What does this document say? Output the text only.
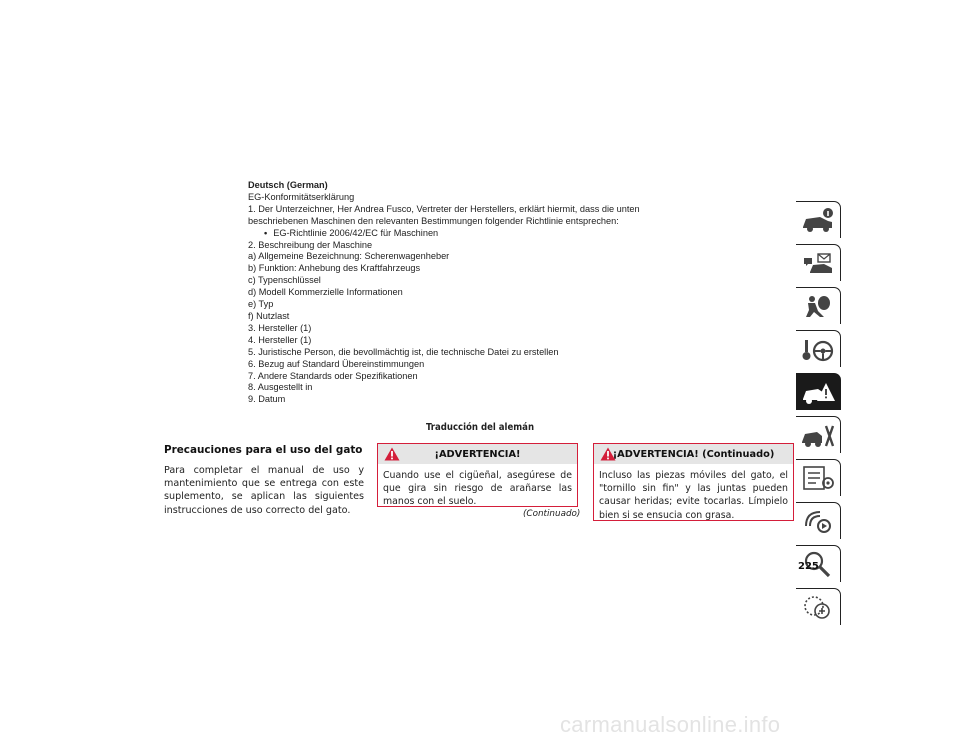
Deutsch (German)
EG-Konformitätserklärung
1. Der Unterzeichner, Her Andrea Fusco, Vertreter der Herstellers, erklärt hiermit, dass die unten
beschriebenen Maschinen den relevanten Bestimmungen folgender Richtlinie entsprechen:
• EG-Richtlinie 2006/42/EC für Maschinen
2. Beschreibung der Maschine
a) Allgemeine Bezeichnung: Scherenwagenheber
b) Funktion: Anhebung des Kraftfahrzeugs
c) Typenschlüssel
d) Modell Kommerzielle Informationen
e) Typ
f) Nutzlast
3. Hersteller (1)
4. Hersteller (1)
5. Juristische Person, die bevollmächtig ist, die technische Datei zu erstellen
6. Bezug auf Standard Übereinstimmungen
7. Andere Standards oder Spezifikationen
8. Ausgestellt in
9. Datum
Traducción del alemán
Precauciones para el uso del gato
Para completar el manual de uso y mantenimiento que se entrega con este suplemento, se aplican las siguientes instrucciones de uso correcto del gato.
¡ADVERTENCIA!
Cuando use el cigüeñal, asegúrese de que gira sin riesgo de arañarse las manos con el suelo.
(Continuado)
¡ADVERTENCIA! (Continuado)
Incluso las piezas móviles del gato, el "tornillo sin fin" y las juntas pueden causar heridas; evite tocarlas. Límpielo bien si se ensucia con grasa.
225
carmanualsonline.info
